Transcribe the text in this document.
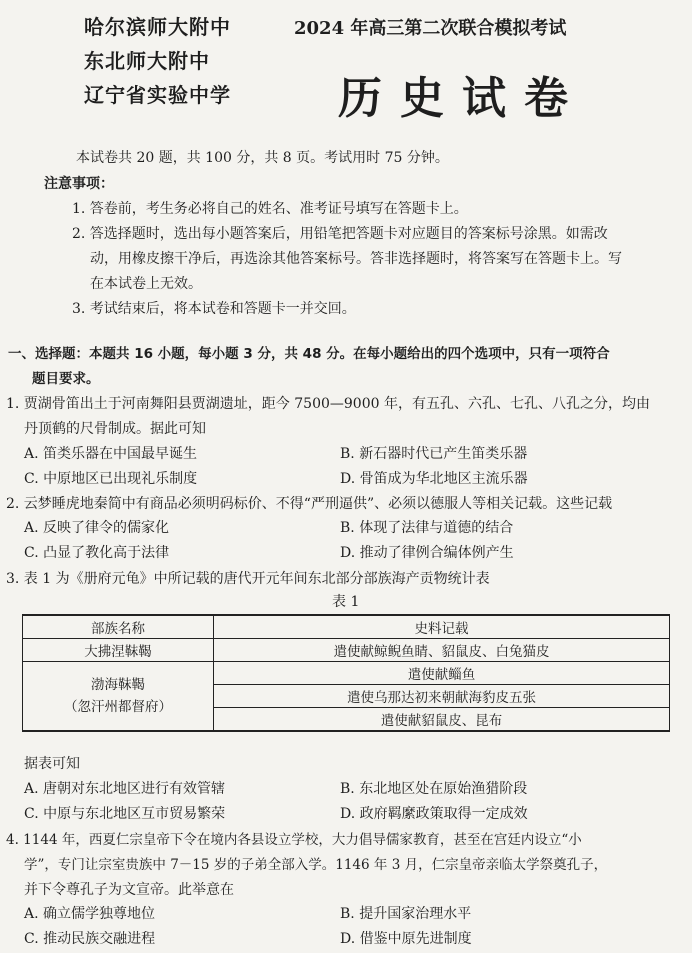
哈尔滨师大附中
东北师大附中
辽宁省实验中学
2024 年高三第二次联合模拟考试
历史试卷
本试卷共 20 题，共 100 分，共 8 页。考试用时 75 分钟。
注意事项：
1. 答卷前，考生务必将自己的姓名、准考证号填写在答题卡上。
2. 答选择题时，选出每小题答案后，用铅笔把答题卡对应题目的答案标号涂黑。如需改
动，用橡皮擦干净后，再选涂其他答案标号。答非选择题时，将答案写在答题卡上。写
在本试卷上无效。
3. 考试结束后，将本试卷和答题卡一并交回。
一、选择题：本题共 16 小题，每小题 3 分，共 48 分。在每小题给出的四个选项中，只有一项符合
题目要求。
1. 贾湖骨笛出土于河南舞阳县贾湖遗址，距今 7500—9000 年，有五孔、六孔、七孔、八孔之分，均由
丹顶鹤的尺骨制成。据此可知
A. 笛类乐器在中国最早诞生	B. 新石器时代已产生笛类乐器
C. 中原地区已出现礼乐制度	D. 骨笛成为华北地区主流乐器
2. 云梦睡虎地秦简中有商品必须明码标价、不得“严刑逼供”、必须以德服人等相关记载。这些记载
A. 反映了律令的儒家化	B. 体现了法律与道德的结合
C. 凸显了教化高于法律	D. 推动了律例合编体例产生
3. 表 1 为《册府元龟》中所记载的唐代开元年间东北部分部族海产贡物统计表
表 1
部族名称	史料记载
大拂涅靺鞨	遣使献鲸鲵鱼睛、貂鼠皮、白兔猫皮

渤海靺鞨
（忽汗州都督府）	遣使献鲻鱼
	遣使乌那达初来朝献海豹皮五张
	遣使献貂鼠皮、昆布
据表可知
A. 唐朝对东北地区进行有效管辖	B. 东北地区处在原始渔猎阶段
C. 中原与东北地区互市贸易繁荣	D. 政府羁縻政策取得一定成效
4. 1144 年，西夏仁宗皇帝下令在境内各县设立学校，大力倡导儒家教育，甚至在宫廷内设立“小
学”，专门让宗室贵族中 7－15 岁的子弟全部入学。1146 年 3 月，仁宗皇帝亲临太学祭奠孔子，
并下令尊孔子为文宣帝。此举意在
A. 确立儒学独尊地位	B. 提升国家治理水平
C. 推动民族交融进程	D. 借鉴中原先进制度
